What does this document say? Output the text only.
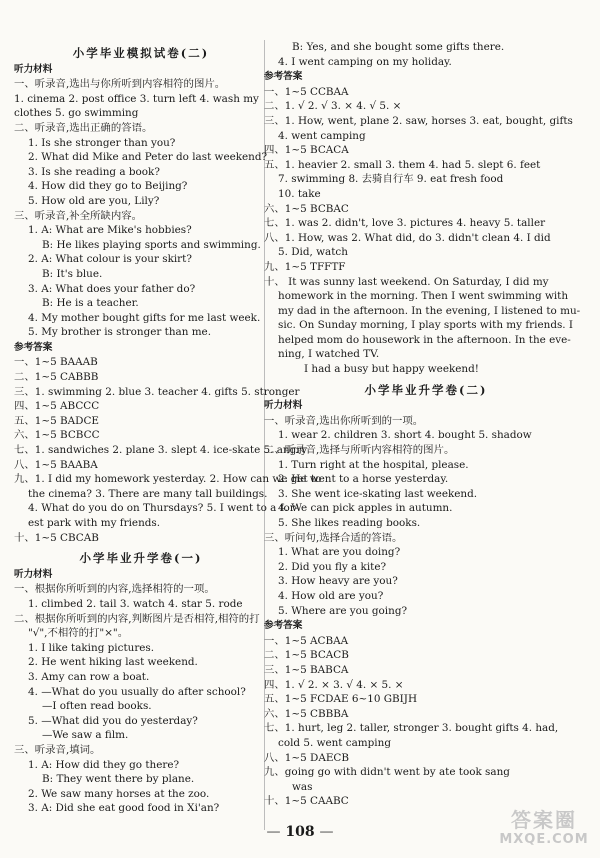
小学毕业模拟试卷(二)
听力材料
一、听录音,选出与你所听到内容相符的图片。
1. cinema 2. post office 3. turn left 4. wash my
clothes 5. go swimming
二、听录音,选出正确的答语。
1. Is she stronger than you?
2. What did Mike and Peter do last weekend?
3. Is she reading a book?
4. How did they go to Beijing?
5. How old are you, Lily?
三、听录音,补全所缺内容。
1. A: What are Mike's hobbies?
B: He likes playing sports and swimming.
2. A: What colour is your skirt?
B: It's blue.
3. A: What does your father do?
B: He is a teacher.
4. My mother bought gifts for me last week.
5. My brother is stronger than me.
参考答案
一、1~5 BAAAB
二、1~5 CABBB
三、1. swimming 2. blue 3. teacher 4. gifts 5. stronger
四、1~5 ABCCC
五、1~5 BADCE
六、1~5 BCBCC
七、1. sandwiches 2. plane 3. slept 4. ice-skate 5. angry
八、1~5 BAABA
九、1. I did my homework yesterday. 2. How can we get to
the cinema? 3. There are many tall buildings.
4. What do you do on Thursdays? 5. I went to a for-
est park with my friends.
十、1~5 CBCAB
小学毕业升学卷(一)
听力材料
一、根据你所听到的内容,选择相符的一项。
1. climbed 2. tail 3. watch 4. star 5. rode
二、根据你所听到的内容,判断图片是否相符,相符的打
"√",不相符的打"×"。
1. I like taking pictures.
2. He went hiking last weekend.
3. Amy can row a boat.
4. —What do you usually do after school?
—I often read books.
5. —What did you do yesterday?
—We saw a film.
三、听录音,填词。
1. A: How did they go there?
B: They went there by plane.
2. We saw many horses at the zoo.
3. A: Did she eat good food in Xi'an?
B: Yes, and she bought some gifts there.
4. I went camping on my holiday.
参考答案
一、1~5 CCBAA
二、1. √ 2. √ 3. × 4. √ 5. ×
三、1. How, went, plane 2. saw, horses 3. eat, bought, gifts
4. went camping
四、1~5 BCACA
五、1. heavier 2. small 3. them 4. had 5. slept 6. feet
7. swimming 8. 去骑自行车 9. eat fresh food
10. take
六、1~5 BCBAC
七、1. was 2. didn't, love 3. pictures 4. heavy 5. taller
八、1. How, was 2. What did, do 3. didn't clean 4. I did
5. Did, watch
九、1~5 TFFTF
十、 It was sunny last weekend. On Saturday, I did my
homework in the morning. Then I went swimming with
my dad in the afternoon. In the evening, I listened to mu-
sic. On Sunday morning, I play sports with my friends. I
helped mom do housework in the afternoon. In the eve-
ning, I watched TV.
I had a busy but happy weekend!
小学毕业升学卷(二)
听力材料
一、听录音,选出你所听到的一项。
1. wear 2. children 3. short 4. bought 5. shadow
二、听录音,选择与所听内容相符的图片。
1. Turn right at the hospital, please.
2. He went to a horse yesterday.
3. She went ice-skating last weekend.
4. We can pick apples in autumn.
5. She likes reading books.
三、听问句,选择合适的答语。
1. What are you doing?
2. Did you fly a kite?
3. How heavy are you?
4. How old are you?
5. Where are you going?
参考答案
一、1~5 ACBAA
二、1~5 BCACB
三、1~5 BABCA
四、1. √ 2. × 3. √ 4. × 5. ×
五、1~5 FCDAE 6~10 GBIJH
六、1~5 CBBBA
七、1. hurt, leg 2. taller, stronger 3. bought gifts 4. had,
cold 5. went camping
八、1~5 DAECB
九、going go with didn't went by ate took sang
was
十、1~5 CAABC
— 108 —	答案圈
MXQE.COM
